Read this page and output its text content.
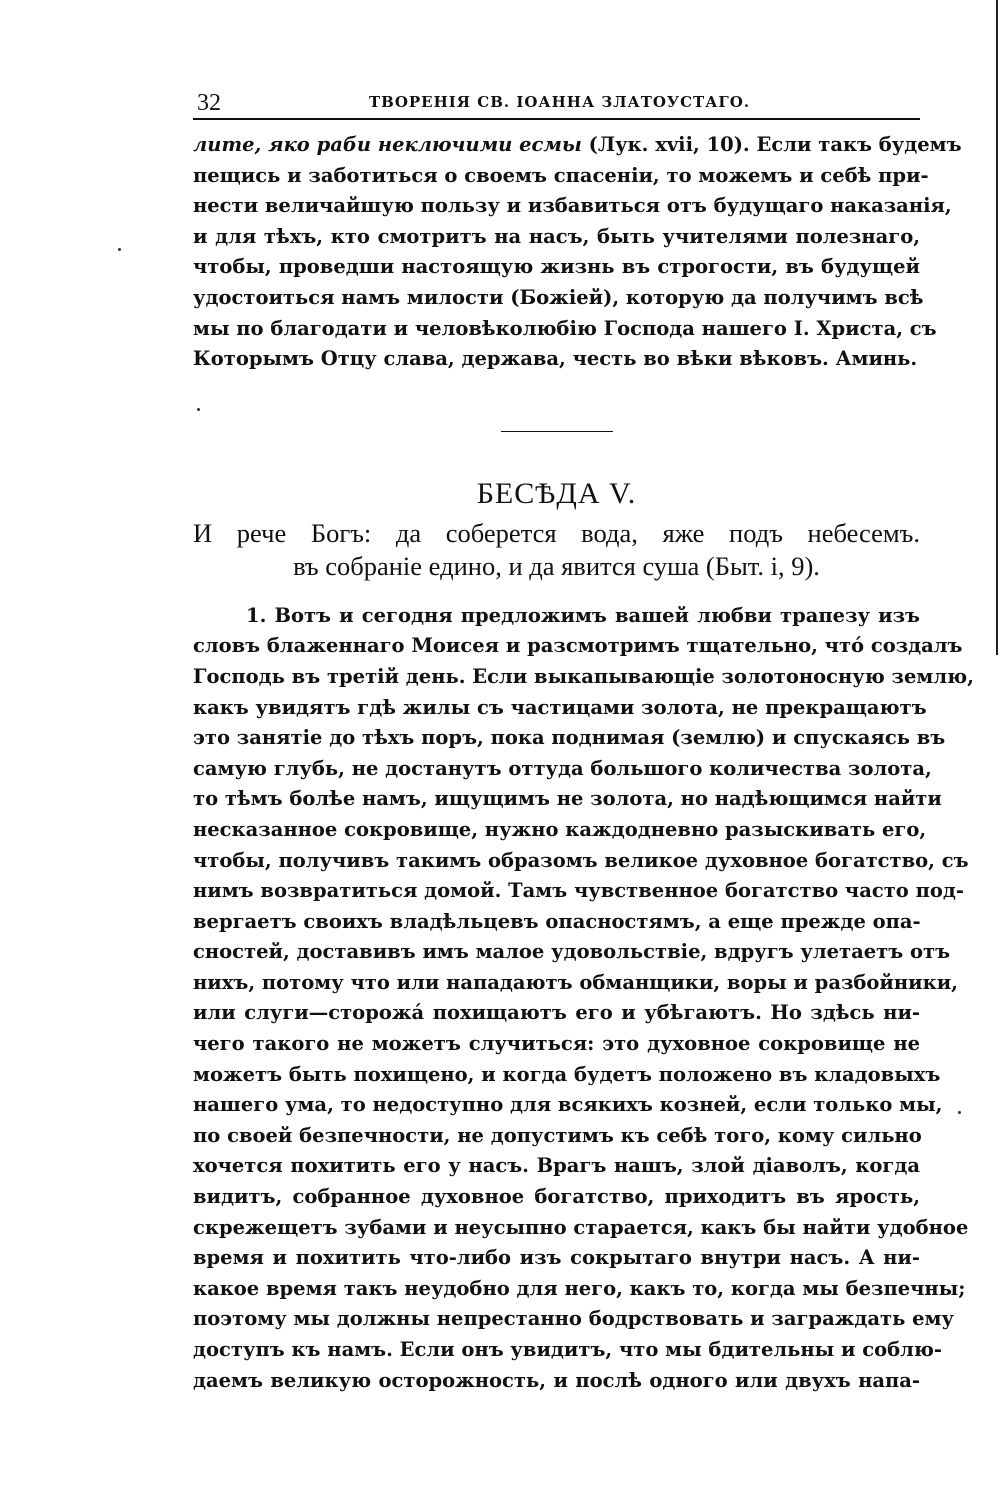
32	ТВОРЕНІЯ СВ. ІОАННА ЗЛАТОУСТАГО.
лите, яко раби неключими есмы (Лук. xvii, 10). Если такъ будемъ
пещись и заботиться о своемъ спасеніи, то можемъ и себѣ при-
нести величайшую пользу и избавиться отъ будущаго наказанія,
и для тѣхъ, кто смотритъ на насъ, быть учителями полезнаго,
чтобы, проведши настоящую жизнь въ строгости, въ будущей
удостоиться намъ милости (Божіей), которую да получимъ всѣ
мы по благодати и человѣколюбію Господа нашего І. Христа, съ
Которымъ Отцу слава, держава, честь во вѣки вѣковъ. Аминь.
БЕСѢДА V.
И рече Богъ: да соберется вода, яже подъ небесемъ.
въ собраніе едино, и да явится суша (Быт. і, 9).
1. Вотъ и сегодня предложимъ вашей любви трапезу изъ
словъ блаженнаго Моисея и разсмотримъ тщательно, чтó создалъ
Господь въ третій день. Если выкапывающіе золотоносную землю,
какъ увидятъ гдѣ жилы съ частицами золота, не прекращаютъ
это занятіе до тѣхъ поръ, пока поднимая (землю) и спускаясь въ
самую глубь, не достанутъ оттуда большого количества золота,
то тѣмъ болѣе намъ, ищущимъ не золота, но надѣющимся найти
несказанное сокровище, нужно каждодневно разыскивать его,
чтобы, получивъ такимъ образомъ великое духовное богатство, съ
нимъ возвратиться домой. Тамъ чувственное богатство часто под-
вергаетъ своихъ владѣльцевъ опасностямъ, а еще прежде опа-
сностей, доставивъ имъ малое удовольствіе, вдругъ улетаетъ отъ
нихъ, потому что или нападаютъ обманщики, воры и разбойники,
или слуги—сторожá похищаютъ его и убѣгаютъ. Но здѣсь ни-
чего такого не можетъ случиться: это духовное сокровище не
можетъ быть похищено, и когда будетъ положено въ кладовыхъ
нашего ума, то недоступно для всякихъ козней, если только мы,
по своей безпечности, не допустимъ къ себѣ того, кому сильно
хочется похитить его у насъ. Врагъ нашъ, злой діаволъ, когда
видитъ, собранное духовное богатство, приходитъ въ ярость,
скрежещетъ зубами и неусыпно старается, какъ бы найти удобное
время и похитить что-либо изъ сокрытаго внутри насъ. А ни-
какое время такъ неудобно для него, какъ то, когда мы безпечны;
поэтому мы должны непрестанно бодрствовать и заграждать ему
доступъ къ намъ. Если онъ увидитъ, что мы бдительны и соблю-
даемъ великую осторожность, и послѣ одного или двухъ напа-
